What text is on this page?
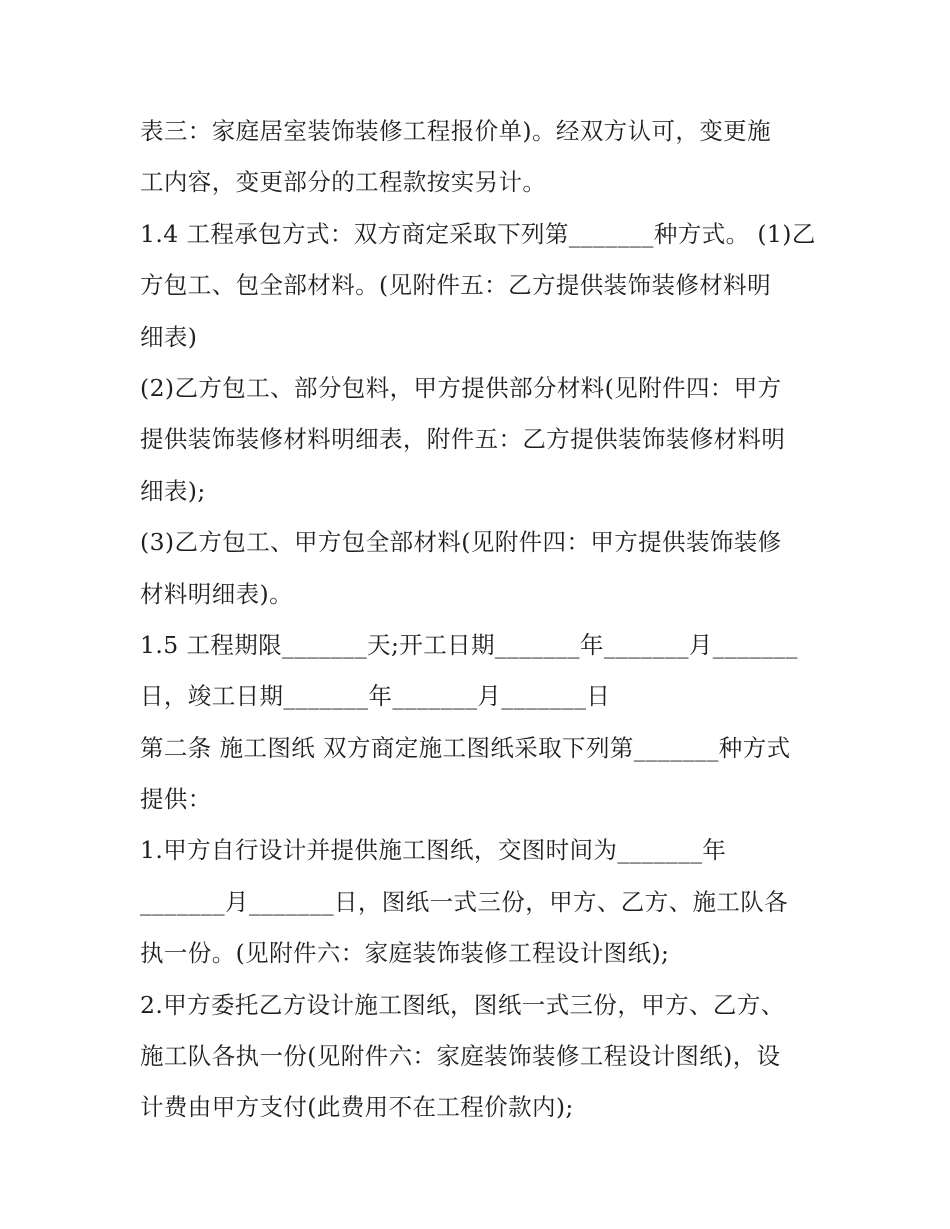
表三：家庭居室装饰装修工程报价单)。经双方认可，变更施
工内容，变更部分的工程款按实另计。
1.4 工程承包方式：双方商定采取下列第_______种方式。 (1)乙
方包工、包全部材料。(见附件五：乙方提供装饰装修材料明
细表)
(2)乙方包工、部分包料，甲方提供部分材料(见附件四：甲方
提供装饰装修材料明细表，附件五：乙方提供装饰装修材料明
细表);
(3)乙方包工、甲方包全部材料(见附件四：甲方提供装饰装修
材料明细表)。
1.5 工程期限_______天;开工日期_______年_______月_______
日，竣工日期_______年_______月_______日
第二条 施工图纸 双方商定施工图纸采取下列第_______种方式
提供：
1.甲方自行设计并提供施工图纸，交图时间为_______年
_______月_______日，图纸一式三份，甲方、乙方、施工队各
执一份。(见附件六：家庭装饰装修工程设计图纸);
2.甲方委托乙方设计施工图纸，图纸一式三份，甲方、乙方、
施工队各执一份(见附件六：家庭装饰装修工程设计图纸)，设
计费由甲方支付(此费用不在工程价款内);
